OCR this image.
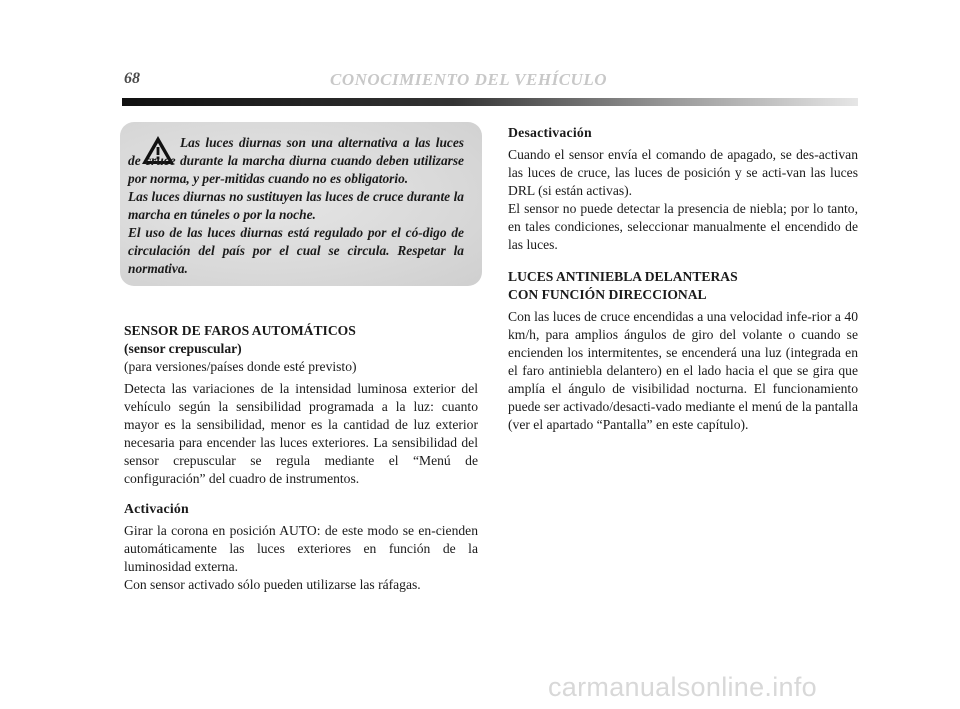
68	CONOCIMIENTO DEL VEHÍCULO

Las luces diurnas son una alternativa a las luces de cruce durante la marcha diurna cuando deben utilizarse por norma, y per-mitidas cuando no es obligatorio.

Las luces diurnas no sustituyen las luces de cruce durante la marcha en túneles o por la noche.

El uso de las luces diurnas está regulado por el có-digo de circulación del país por el cual se circula. Respetar la normativa.

SENSOR DE FAROS AUTOMÁTICOS
(sensor crepuscular)

(para versiones/países donde esté previsto)

Detecta las variaciones de la intensidad luminosa exterior del vehículo según la sensibilidad programada a la luz: cuanto mayor es la sensibilidad, menor es la cantidad de luz exterior necesaria para encender las luces exteriores. La sensibilidad del sensor crepuscular se regula mediante el “Menú de configuración” del cuadro de instrumentos.

Activación

Girar la corona en posición AUTO: de este modo se en-cienden automáticamente las luces exteriores en función de la luminosidad externa.

Con sensor activado sólo pueden utilizarse las ráfagas.

Desactivación

Cuando el sensor envía el comando de apagado, se des-activan las luces de cruce, las luces de posición y se acti-van las luces DRL (si están activas).

El sensor no puede detectar la presencia de niebla; por lo tanto, en tales condiciones, seleccionar manualmente el encendido de las luces.

LUCES ANTINIEBLA DELANTERAS
CON FUNCIÓN DIRECCIONAL

Con las luces de cruce encendidas a una velocidad infe-rior a 40 km/h, para amplios ángulos de giro del volante o cuando se encienden los intermitentes, se encenderá una luz (integrada en el faro antiniebla delantero) en el lado hacia el que se gira que amplía el ángulo de visibilidad nocturna. El funcionamiento puede ser activado/desacti-vado mediante el menú de la pantalla (ver el apartado “Pantalla” en este capítulo).

carmanualsonline.info
